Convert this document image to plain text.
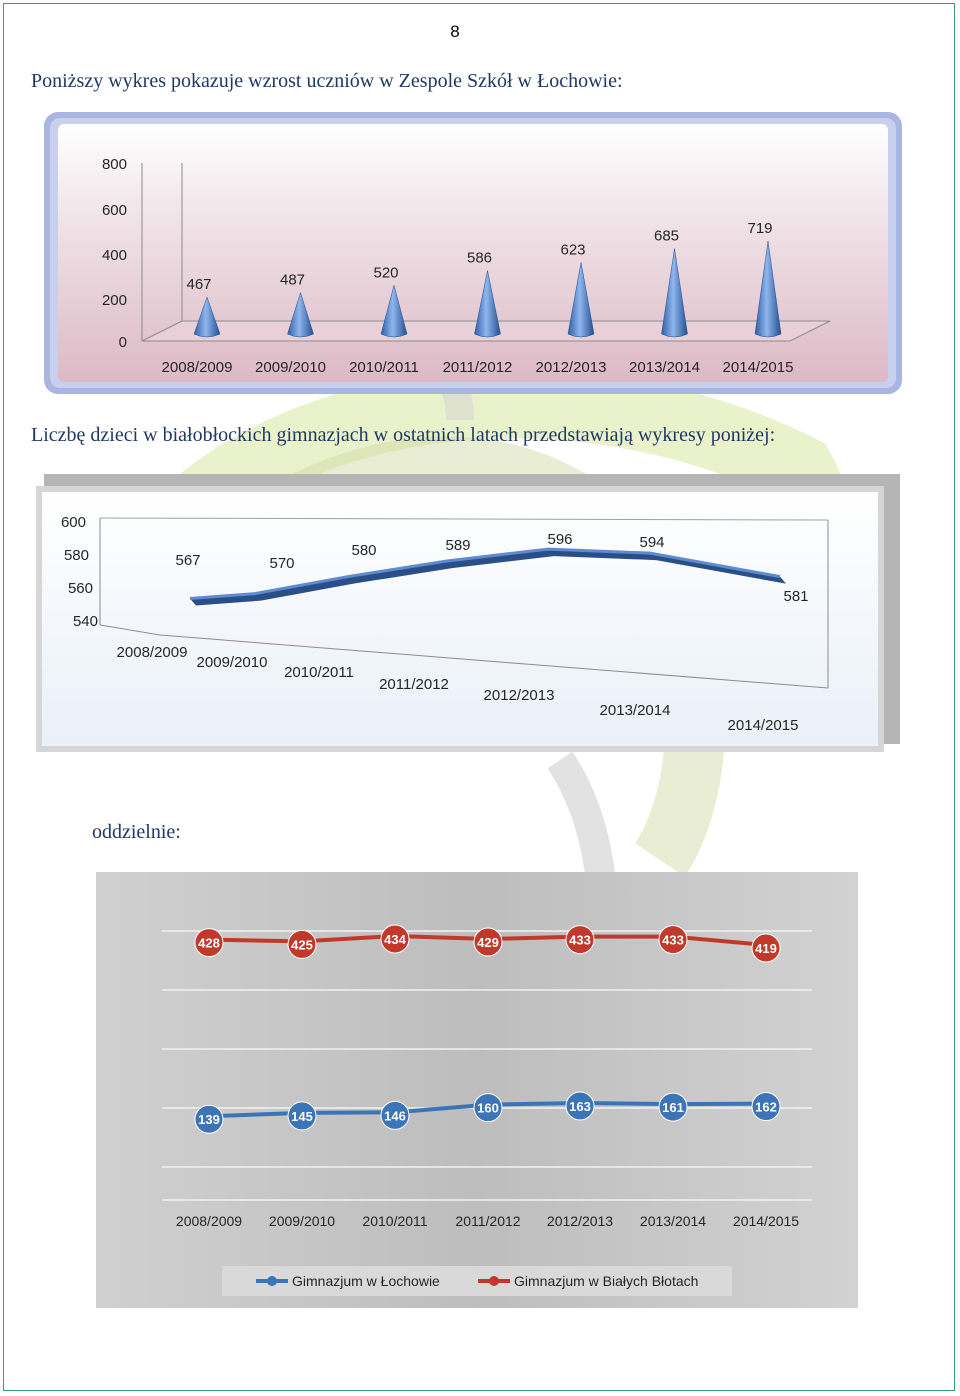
8
Poniższy wykres pokazuje wzrost uczniów w Zespole Szkół w Łochowie:
Liczbę dzieci w białobłockich gimnazjach w ostatnich latach przedstawiają wykresy poniżej:
oddzielnie:
0
200
400
600
800
2008/2009
467
2009/2010
487
2010/2011
520
2011/2012
586
2012/2013
623
2013/2014
685
2014/2015
719
540
560
580
600
567	570
580	589	596	594
581
2008/2009
2009/2010
2010/2011
2011/2012
2012/2013
2013/2014
2014/2015
428	425	434	429	433	433
419
139	145	146
160	163	161	162
2008/2009 2009/2010 2010/2011 2011/2012 2012/2013 2013/2014 2014/2015
Gimnazjum w Łochowie	Gimnazjum w Białych Błotach
